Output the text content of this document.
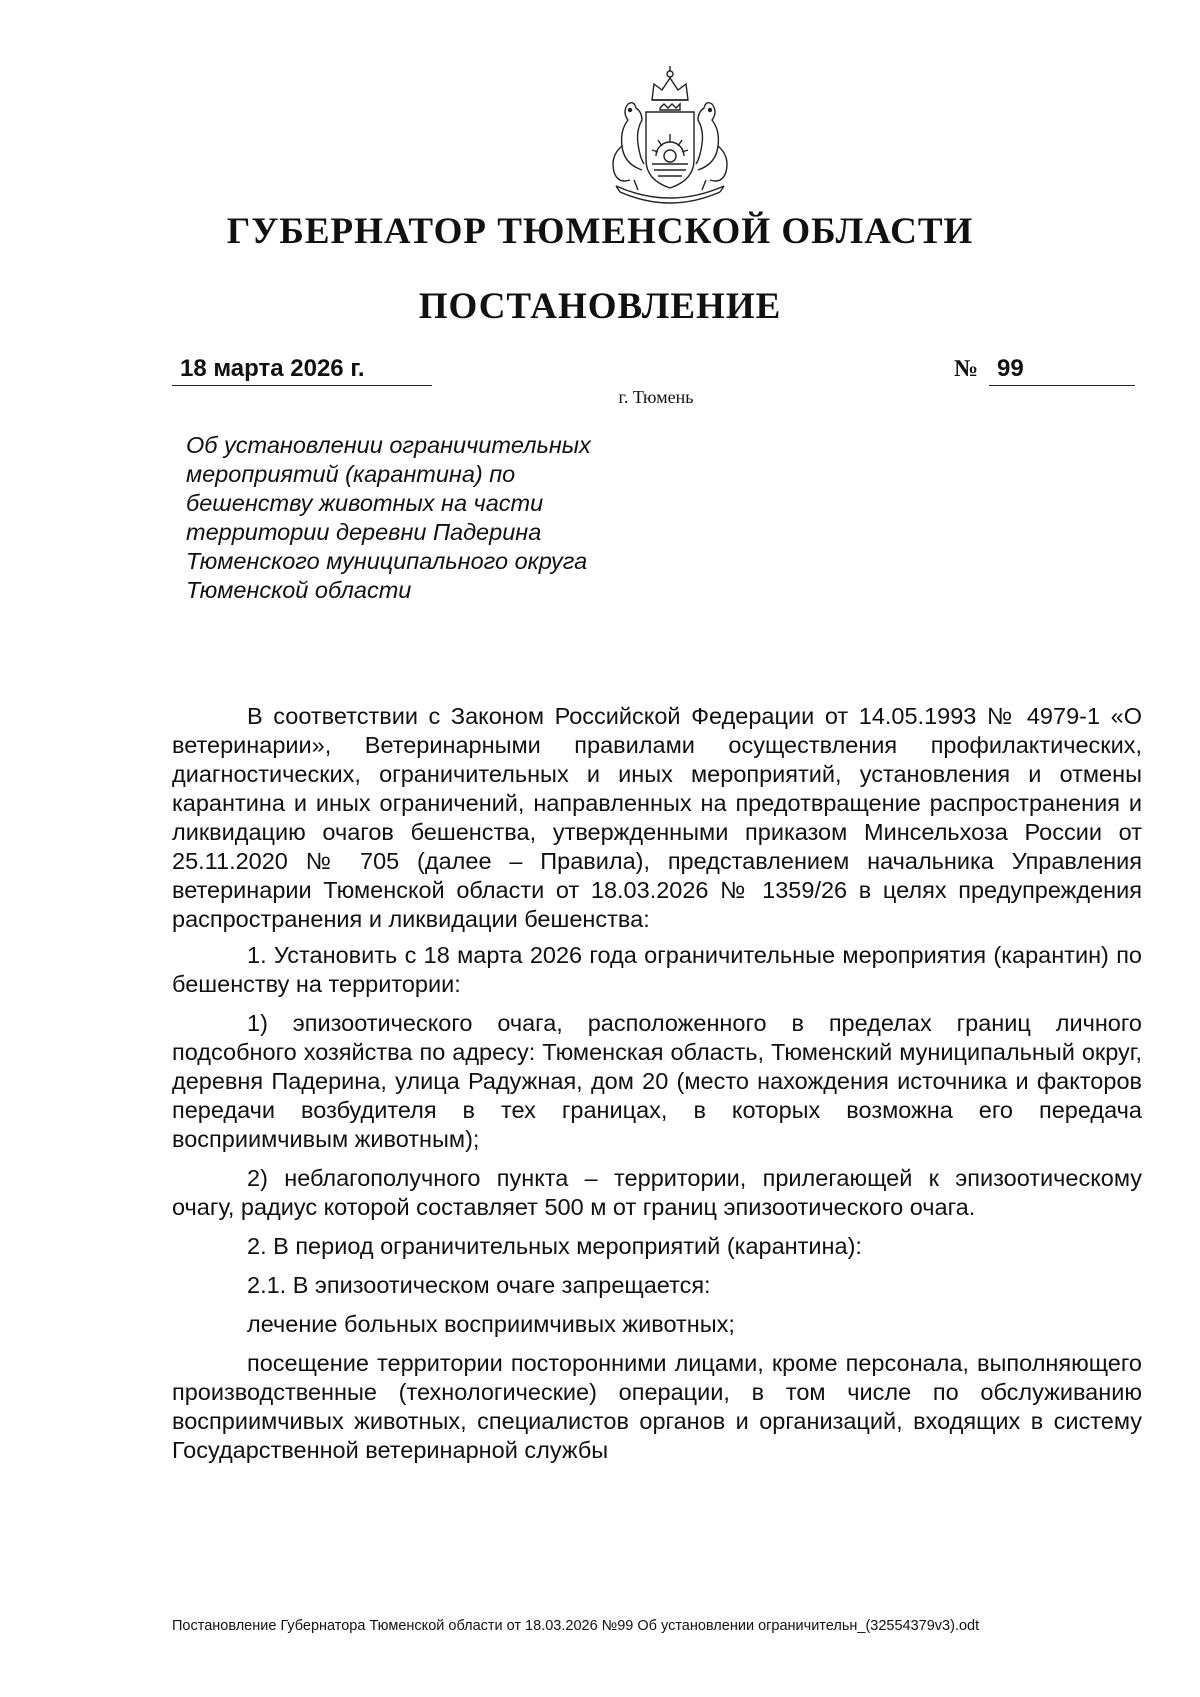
ГУБЕРНАТОР ТЮМЕНСКОЙ ОБЛАСТИ
ПОСТАНОВЛЕНИЕ
18 марта 2026 г.	№ 99
г. Тюмень
Об установлении ограничительных
мероприятий (карантина) по
бешенству животных на части
территории деревни Падерина
Тюменского муниципального округа
Тюменской области

В соответствии с Законом Российской Федерации от 14.05.1993 № 4979-1 «О ветеринарии», Ветеринарными правилами осуществления профилактических, диагностических, ограничительных и иных мероприятий, установления и отмены карантина и иных ограничений, направленных на предотвращение распространения и ликвидацию очагов бешенства, утвержденными приказом Минсельхоза России от 25.11.2020 № 705 (далее – Правила), представлением начальника Управления ветеринарии Тюменской области от 18.03.2026 № 1359/26 в целях предупреждения распространения и ликвидации бешенства:

1. Установить с 18 марта 2026 года ограничительные мероприятия (карантин) по бешенству на территории:

1) эпизоотического очага, расположенного в пределах границ личного подсобного хозяйства по адресу: Тюменская область, Тюменский муниципальный округ, деревня Падерина, улица Радужная, дом 20 (место нахождения источника и факторов передачи возбудителя в тех границах, в которых возможна его передача восприимчивым животным);

2) неблагополучного пункта – территории, прилегающей к эпизоотическому очагу, радиус которой составляет 500 м от границ эпизоотического очага.

2. В период ограничительных мероприятий (карантина):

2.1. В эпизоотическом очаге запрещается:

лечение больных восприимчивых животных;

посещение территории посторонними лицами, кроме персонала, выполняющего производственные (технологические) операции, в том числе по обслуживанию восприимчивых животных, специалистов органов и организаций, входящих в систему Государственной ветеринарной службы

Постановление Губернатора Тюменской области от 18.03.2026 №99 Об установлении ограничительн_(32554379v3).odt
